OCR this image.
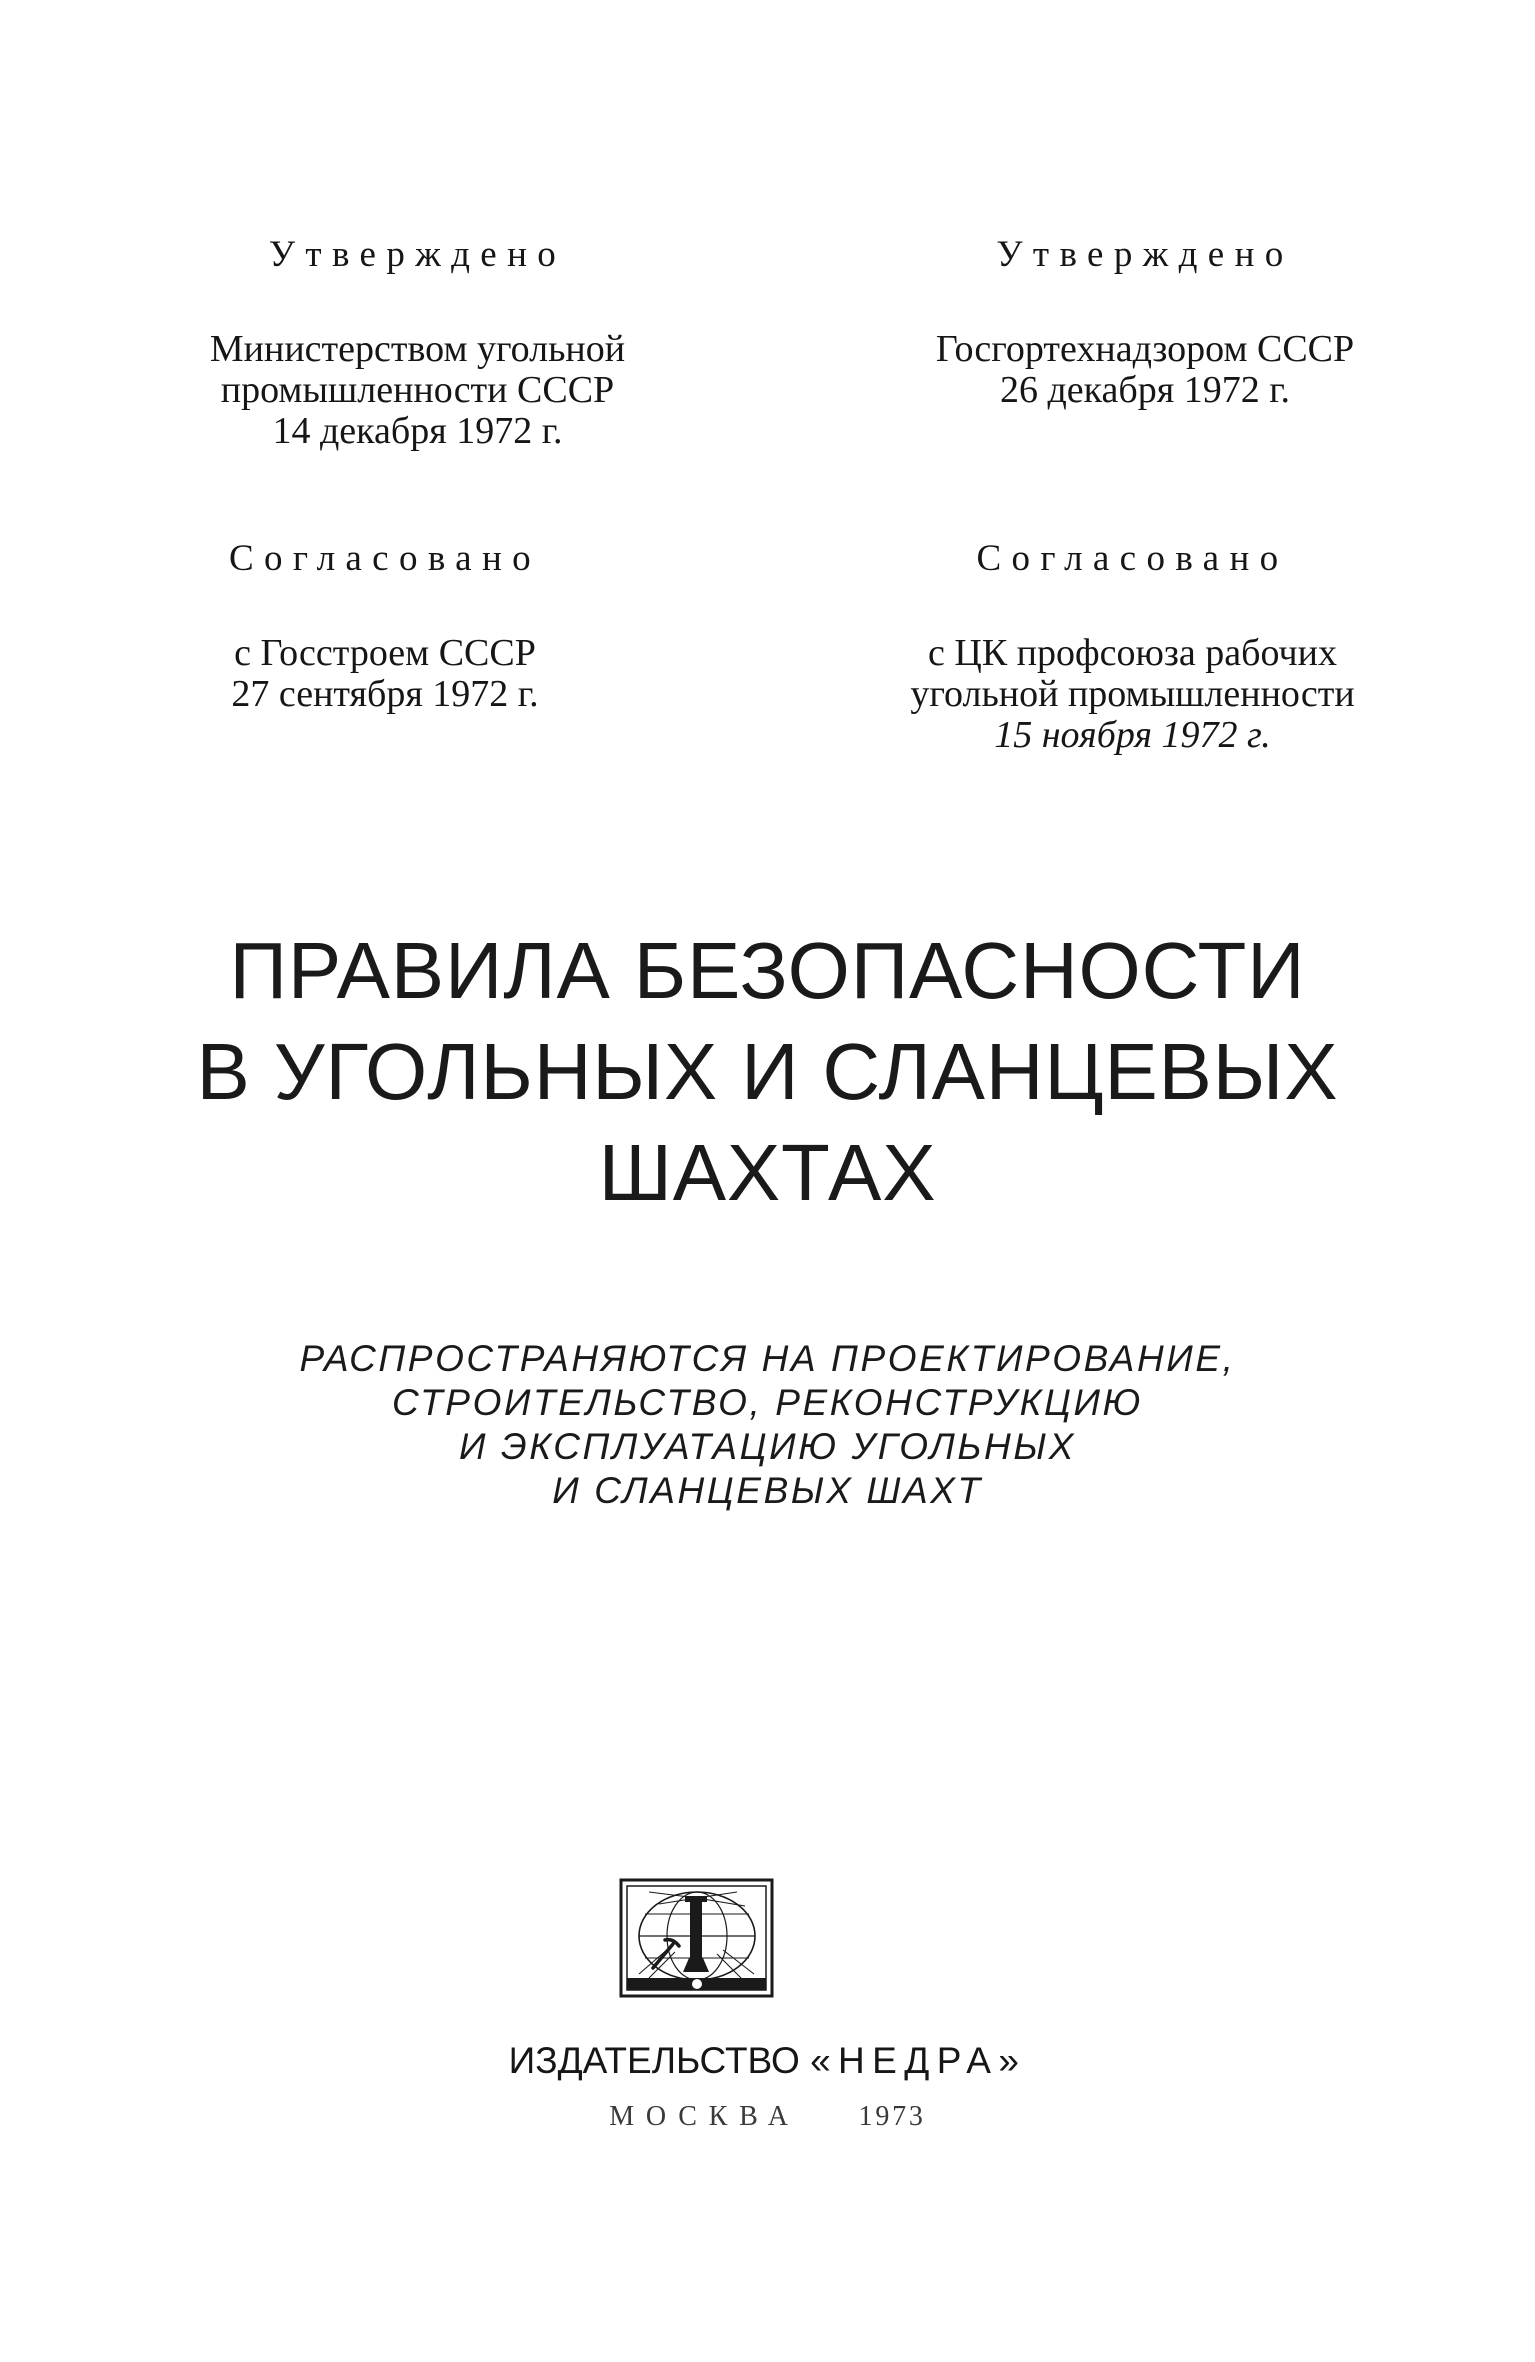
Утверждено
Министерством угольной
промышленности СССР
14 декабря 1972 г.
Утверждено
Госгортехнадзором СССР
26 декабря 1972 г.
Согласовано
с Госстроем СССР
27 сентября 1972 г.
Согласовано
с ЦК профсоюза рабочих
угольной промышленности
15 ноября 1972 г.
ПРАВИЛА БЕЗОПАСНОСТИ
В УГОЛЬНЫХ И СЛАНЦЕВЫХ
ШАХТАХ
РАСПРОСТРАНЯЮТСЯ НА ПРОЕКТИРОВАНИЕ,
СТРОИТЕЛЬСТВО, РЕКОНСТРУКЦИЮ
И ЭКСПЛУАТАЦИЮ УГОЛЬНЫХ
И СЛАНЦЕВЫХ ШАХТ
ИЗДАТЕЛЬСТВО «НЕДРА»
МОСКВА 1973
